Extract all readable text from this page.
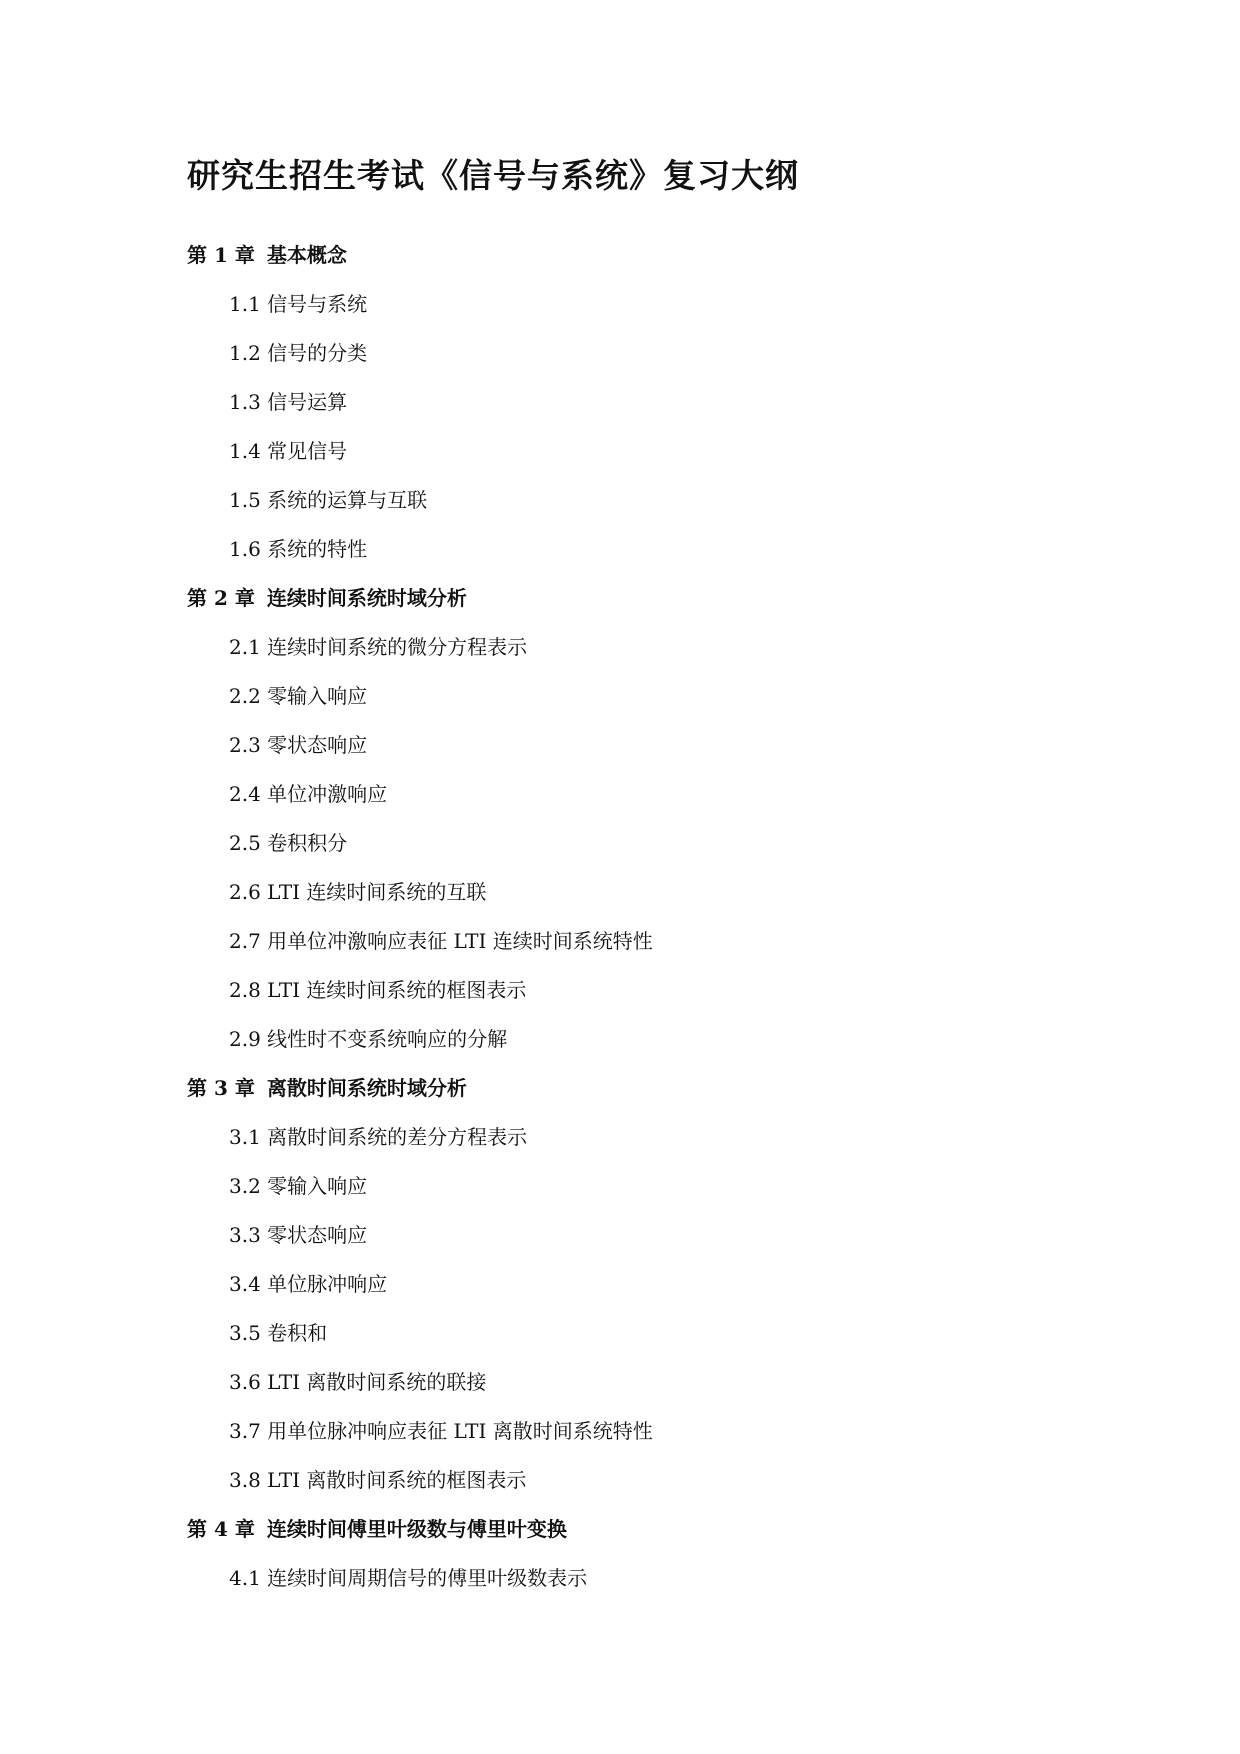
研究生招生考试《信号与系统》复习大纲
第 1 章 基本概念
1.1 信号与系统
1.2 信号的分类
1.3 信号运算
1.4 常见信号
1.5 系统的运算与互联
1.6 系统的特性
第 2 章 连续时间系统时域分析
2.1 连续时间系统的微分方程表示
2.2 零输入响应
2.3 零状态响应
2.4 单位冲激响应
2.5 卷积积分
2.6 LTI 连续时间系统的互联
2.7 用单位冲激响应表征 LTI 连续时间系统特性
2.8 LTI 连续时间系统的框图表示
2.9 线性时不变系统响应的分解
第 3 章 离散时间系统时域分析
3.1 离散时间系统的差分方程表示
3.2 零输入响应
3.3 零状态响应
3.4 单位脉冲响应
3.5 卷积和
3.6 LTI 离散时间系统的联接
3.7 用单位脉冲响应表征 LTI 离散时间系统特性
3.8 LTI 离散时间系统的框图表示
第 4 章 连续时间傅里叶级数与傅里叶变换
4.1 连续时间周期信号的傅里叶级数表示
